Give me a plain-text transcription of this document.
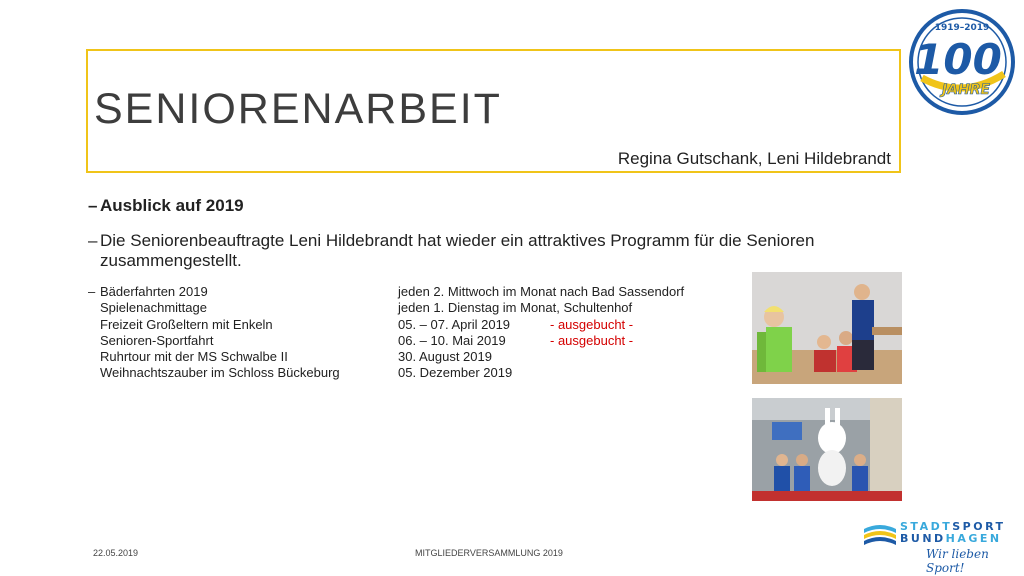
SENIORENARBEIT
Regina Gutschank, Leni Hildebrandt
1919–2019
100
JAHRE

– Ausblick auf 2019

– Die Seniorenbeauftragte Leni Hildebrandt hat wieder ein attraktives Programm für die Senioren zusammengestellt.

– Bäderfahrten 2019	jeden 2. Mittwoch im Monat nach Bad Sassendorf
Spielenachmittage	jeden 1. Dienstag im Monat, Schultenhof
Freizeit Großeltern mit Enkeln	05. – 07. April 2019	- ausgebucht -
Senioren-Sportfahrt	06. – 10. Mai 2019	- ausgebucht -
Ruhrtour mit der MS Schwalbe II	30. August 2019
Weihnachtszauber im Schloss Bückeburg	05. Dezember 2019
22.05.2019	MITGLIEDERVERSAMMLUNG 2019
STADTSPORT
BUNDHAGEN
Wir lieben Sport!
